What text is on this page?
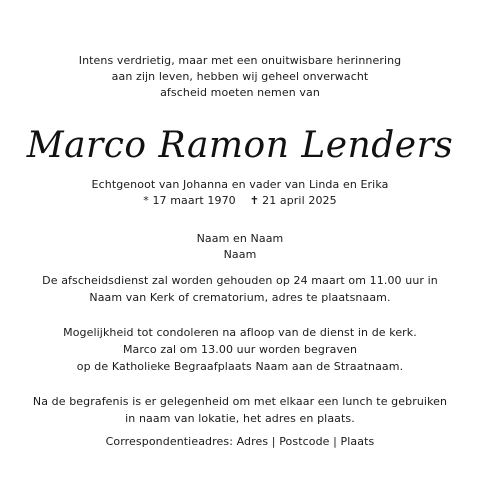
Intens verdrietig, maar met een onuitwisbare herinnering
aan zijn leven, hebben wij geheel onverwacht
afscheid moeten nemen van
Marco Ramon Lenders
Echtgenoot van Johanna en vader van Linda en Erika
* 17 maart 1970 ✝ 21 april 2025
Naam en Naam
Naam
De afscheidsdienst zal worden gehouden op 24 maart om 11.00 uur in
Naam van Kerk of crematorium, adres te plaatsnaam.
Mogelijkheid tot condoleren na afloop van de dienst in de kerk.
Marco zal om 13.00 uur worden begraven
op de Katholieke Begraafplaats Naam aan de Straatnaam.
Na de begrafenis is er gelegenheid om met elkaar een lunch te gebruiken
in naam van lokatie, het adres en plaats.
Correspondentieadres: Adres | Postcode | Plaats
